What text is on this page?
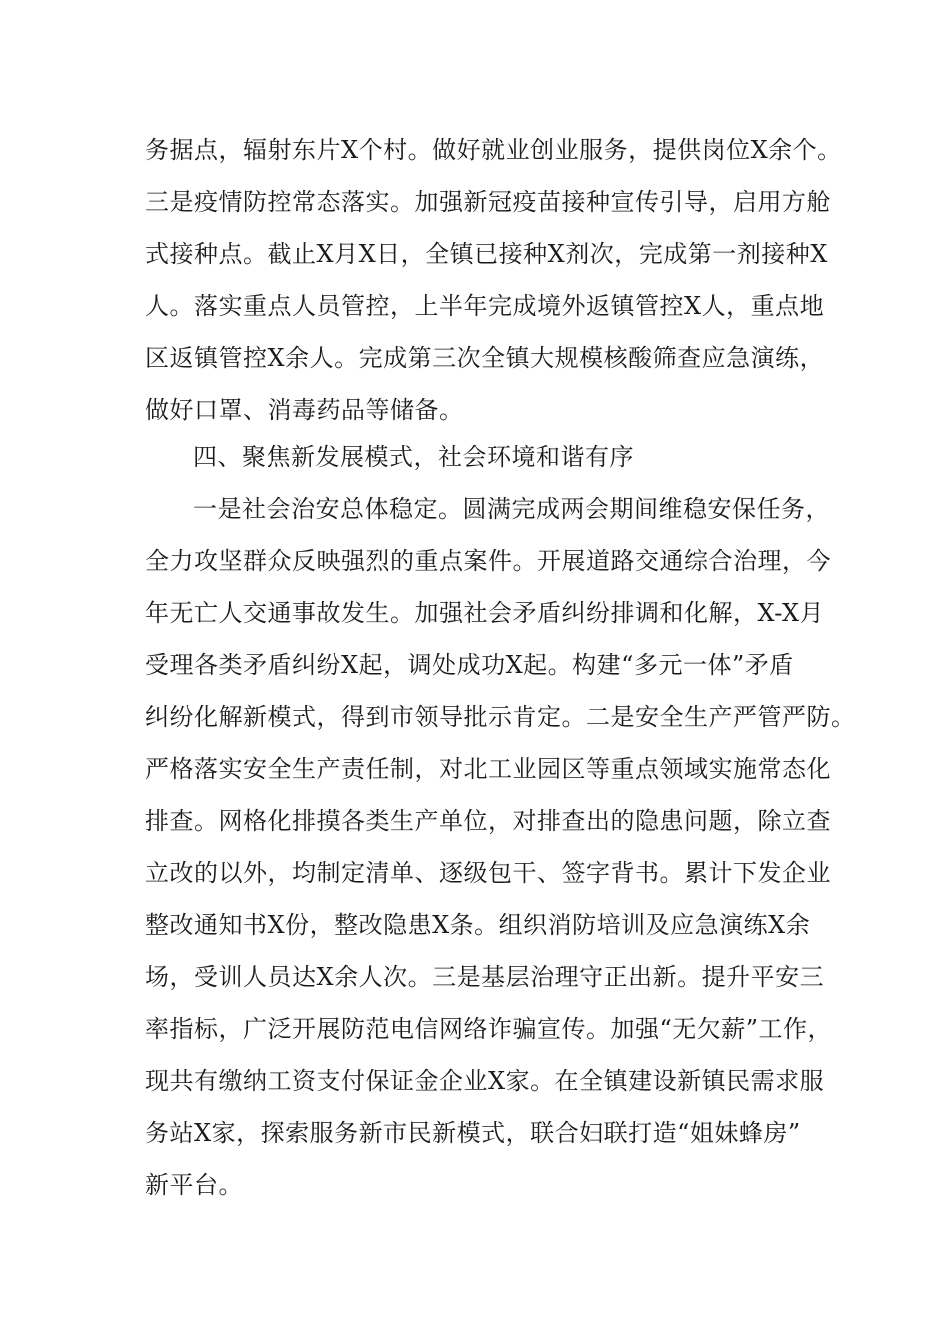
务据点，辐射东片X个村。做好就业创业服务，提供岗位X余个。
三是疫情防控常态落实。加强新冠疫苗接种宣传引导，启用方舱
式接种点。截止X月X日，全镇已接种X剂次，完成第一剂接种X
人。落实重点人员管控，上半年完成境外返镇管控X人，重点地
区返镇管控X余人。完成第三次全镇大规模核酸筛查应急演练，
做好口罩、消毒药品等储备。
四、聚焦新发展模式，社会环境和谐有序
一是社会治安总体稳定。圆满完成两会期间维稳安保任务，
全力攻坚群众反映强烈的重点案件。开展道路交通综合治理，今
年无亡人交通事故发生。加强社会矛盾纠纷排调和化解，X-X月
受理各类矛盾纠纷X起，调处成功X起。构建“多元一体”矛盾
纠纷化解新模式，得到市领导批示肯定。二是安全生产严管严防。
严格落实安全生产责任制，对北工业园区等重点领域实施常态化
排查。网格化排摸各类生产单位，对排查出的隐患问题，除立查
立改的以外，均制定清单、逐级包干、签字背书。累计下发企业
整改通知书X份，整改隐患X条。组织消防培训及应急演练X余
场，受训人员达X余人次。三是基层治理守正出新。提升平安三
率指标，广泛开展防范电信网络诈骗宣传。加强“无欠薪”工作，
现共有缴纳工资支付保证金企业X家。在全镇建设新镇民需求服
务站X家，探索服务新市民新模式，联合妇联打造“姐妹蜂房”
新平台。
